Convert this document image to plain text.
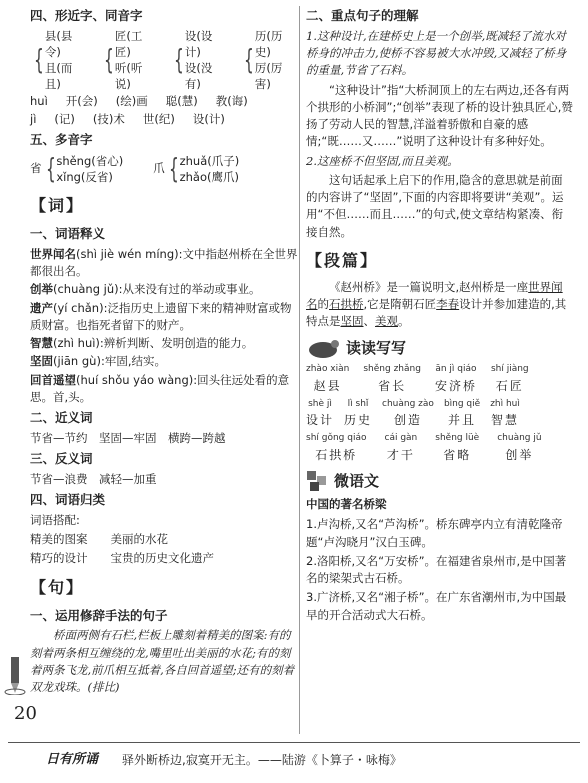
四、形近字、同音字
{
县(县令)
且(而且)
{
匠(工匠)
听(听说)
{
设(设计)
设(没有)
{
历(历史)
厉(厉害)
huì 开(会) (绘)画 聪(慧) 教(诲)
jì (记) (技)术 世(纪) 设(计)
五、多音字
省 { shěng(省心)
xǐng(反省)
爪 { zhuǎ(爪子)
zhǎo(鹰爪)
【词】
一、词语释义
世界闻名(shì jiè wén míng):文中指赵州桥在全世界都很出名。
创举(chuàng jǔ):从来没有过的举动或事业。
遗产(yí chǎn):泛指历史上遗留下来的精神财富或物质财富。也指死者留下的财产。
智慧(zhì huì):辨析判断、发明创造的能力。
坚固(jiān gù):牢固,结实。
回首遥望(huí shǒu yáo wàng):回头往远处看的意思。首,头。
二、近义词
节省—节约　坚固—牢固　横跨—跨越
三、反义词
节省—浪费　减轻—加重
四、词语归类
词语搭配:
精美的图案　　美丽的水花
精巧的设计　　宝贵的历史文化遗产
【句】
一、运用修辞手法的句子
桥面两侧有石栏,栏板上雕刻着精美的图案:有的刻着两条相互缠绕的龙,嘴里吐出美丽的水花;有的刻着两条飞龙,前爪相互抵着,各自回首遥望;还有的刻着双龙戏珠。(排比)
20
二、重点句子的理解
1.这种设计,在建桥史上是一个创举,既减轻了流水对桥身的冲击力,使桥不容易被大水冲毁,又减轻了桥身的重量,节省了石料。
“这种设计”指“大桥洞顶上的左右两边,还各有两个拱形的小桥洞”;“创举”表现了桥的设计独具匠心,赞扬了劳动人民的智慧,洋溢着骄傲和自豪的感情;“既……又……”说明了这种设计有多种好处。
2.这座桥不但坚固,而且美观。
这句话起承上启下的作用,隐含的意思就是前面的内容讲了“坚固”,下面的内容即将要讲“美观”。运用“不但……而且……”的句式,使文章结构紧凑、衔接自然。
【段篇】
《赵州桥》是一篇说明文,赵州桥是一座世界闻名的石拱桥,它是隋朝石匠李春设计并参加建造的,其特点是坚固、美观。
读读写写
zhào xiàn
赵县
shěng zhǎng
省长
ān jì qiáo
安济桥
shí jiàng
石匠
shè jì
设计
lì shǐ
历史
chuàng zào
创造
bìng qiě
并且
zhì huì
智慧
shí gǒng qiáo
石拱桥
cái gàn
才干
shěng lüè
省略
chuàng jǔ
创举
微语文
中国的著名桥梁
1.卢沟桥,又名“芦沟桥”。桥东碑亭内立有清乾隆帝题“卢沟晓月”汉白玉碑。
2.洛阳桥,又名“万安桥”。在福建省泉州市,是中国著名的梁架式古石桥。
3.广济桥,又名“湘子桥”。在广东省潮州市,为中国最早的开合活动式大石桥。
日有所诵 驿外断桥边,寂寞开无主。——陆游《卜算子・咏梅》
